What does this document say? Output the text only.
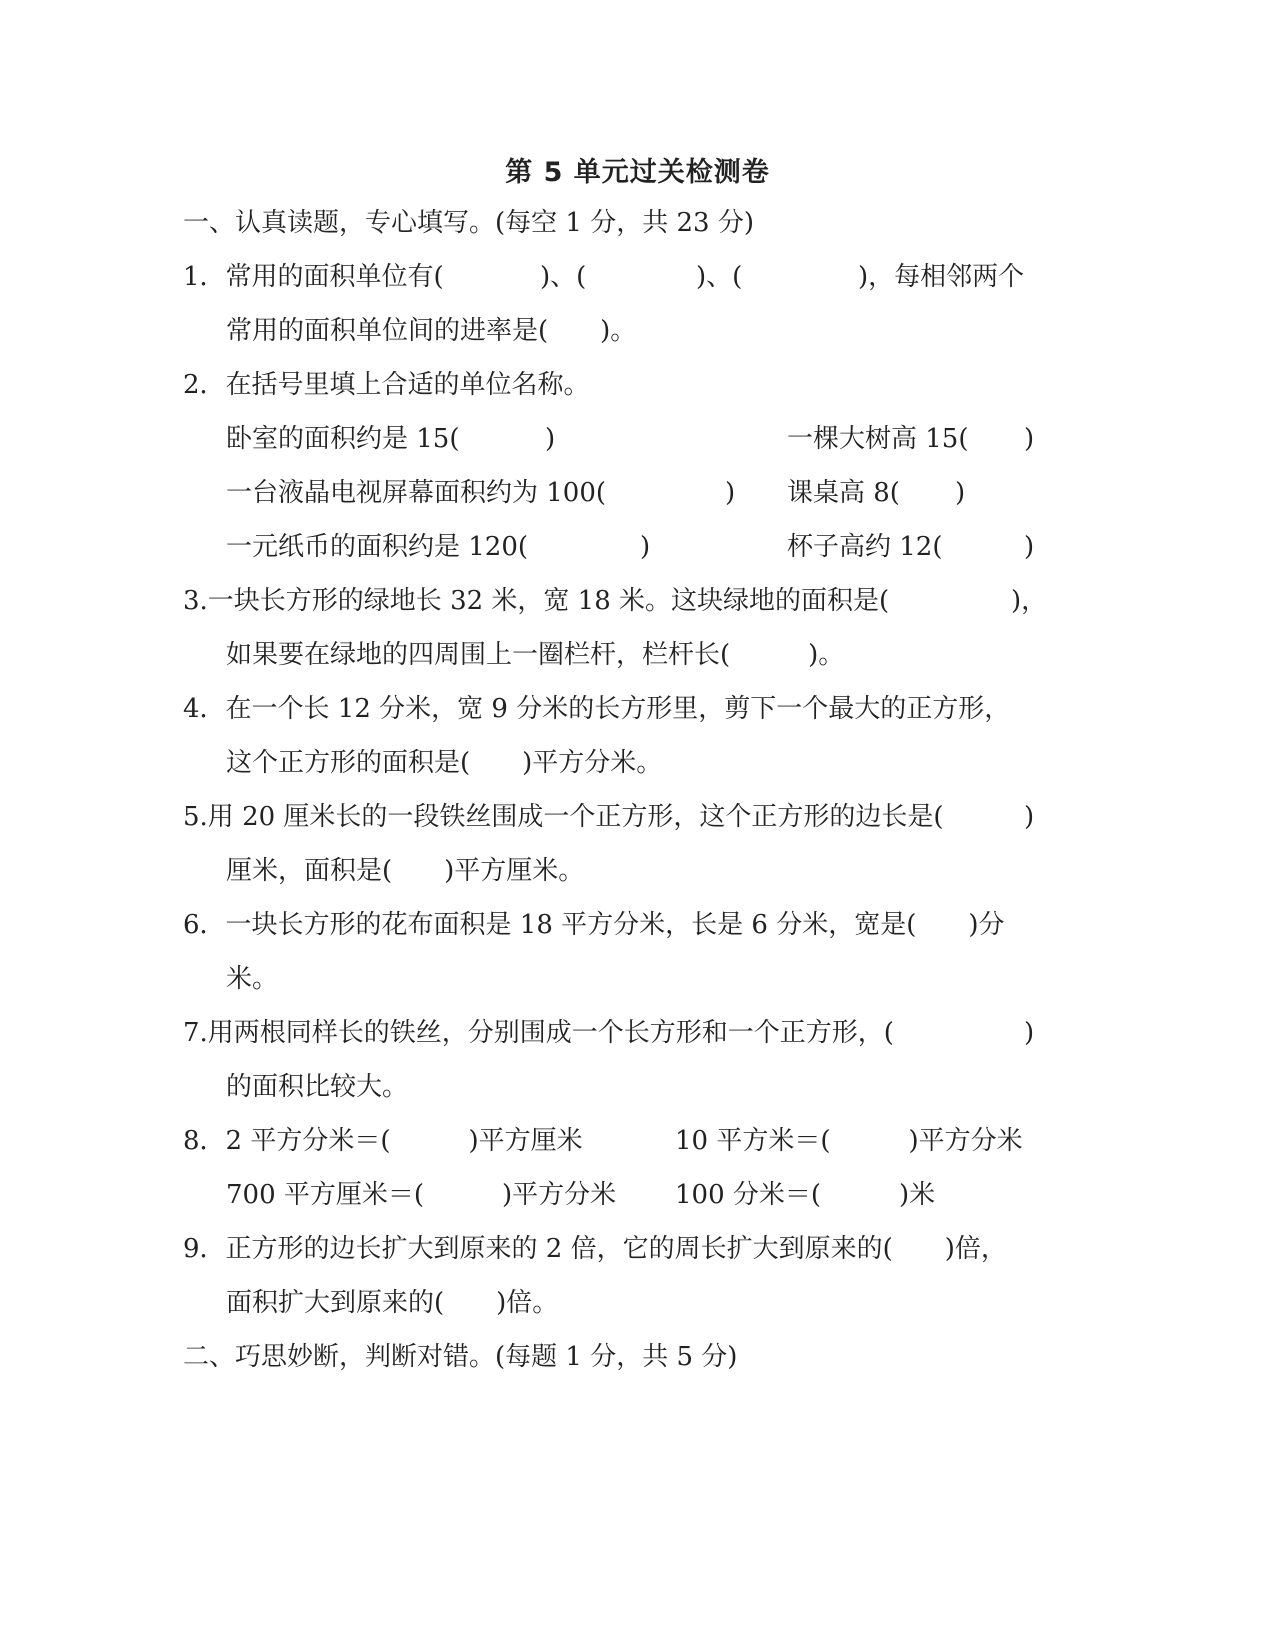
第 5 单元过关检测卷
一、认真读题，专心填写。(每空 1 分，共 23 分)
1．常用的面积单位有(	)、(	)、(	)，每相邻两个
常用的面积单位间的进率是(　　)。
2．在括号里填上合适的单位名称。
卧室的面积约是 15(	)	一棵大树高 15( )
一台液晶电视屏幕面积约为 100(	) 课桌高 8( )
一元纸币的面积约是 120(	)	杯子高约 12(	)
3.一块长方形的绿地长 32 米，宽 18 米。这块绿地的面积是(	)，
如果要在绿地的四周围上一圈栏杆，栏杆长(　　　)。
4．在一个长 12 分米，宽 9 分米的长方形里，剪下一个最大的正方形，
这个正方形的面积是(　　)平方分米。
5.用 20 厘米长的一段铁丝围成一个正方形，这个正方形的边长是(	)
厘米，面积是(　　)平方厘米。
6．一块长方形的花布面积是 18 平方分米，长是 6 分米，宽是(　　)分
米。
7.用两根同样长的铁丝，分别围成一个长方形和一个正方形，(	)
的面积比较大。
8．2 平方分米＝(　　　)平方厘米	10 平方米＝(　　　)平方分米
700 平方厘米＝(　　　)平方分米 100 分米＝(　　　)米
9．正方形的边长扩大到原来的 2 倍，它的周长扩大到原来的(　　)倍，
面积扩大到原来的(　　)倍。
二、巧思妙断，判断对错。(每题 1 分，共 5 分)
